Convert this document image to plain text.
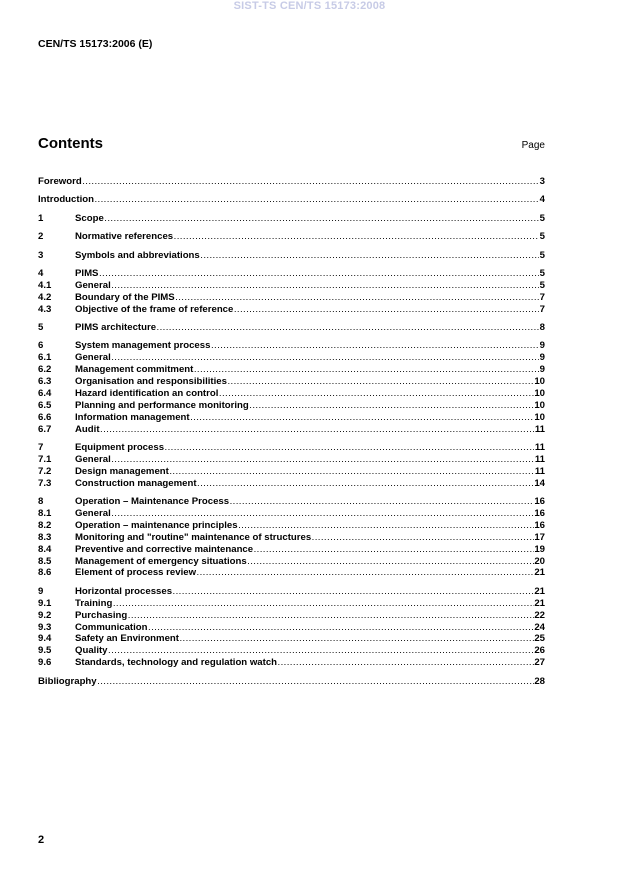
SIST-TS CEN/TS 15173:2008
CEN/TS 15173:2006 (E)
Contents	Page
Foreword .....	3
Introduction .....	4
1	Scope .....	5
2	Normative references .....	5
3	Symbols and abbreviations .....	5
4	PIMS .....	5
4.1	General .....	5
4.2	Boundary of the PIMS .....	7
4.3	Objective of the frame of reference .....	7
5	PIMS architecture .....	8
6	System management process .....	9
6.1	General .....	9
6.2	Management commitment .....	9
6.3	Organisation and responsibilities .....	10
6.4	Hazard identification an control .....	10
6.5	Planning and performance monitoring .....	10
6.6	Information management .....	10
6.7	Audit .....	11
7	Equipment process .....	11
7.1	General .....	11
7.2	Design management .....	11
7.3	Construction management .....	14
8	Operation – Maintenance Process .....	16
8.1	General .....	16
8.2	Operation – maintenance principles .....	16
8.3	Monitoring and "routine" maintenance of structures .....	17
8.4	Preventive and corrective maintenance .....	19
8.5	Management of emergency situations .....	20
8.6	Element of process review .....	21
9	Horizontal processes .....	21
9.1	Training .....	21
9.2	Purchasing .....	22
9.3	Communication .....	24
9.4	Safety an Environment .....	25
9.5	Quality .....	26
9.6	Standards, technology and regulation watch .....	27
Bibliography .....	28
2
